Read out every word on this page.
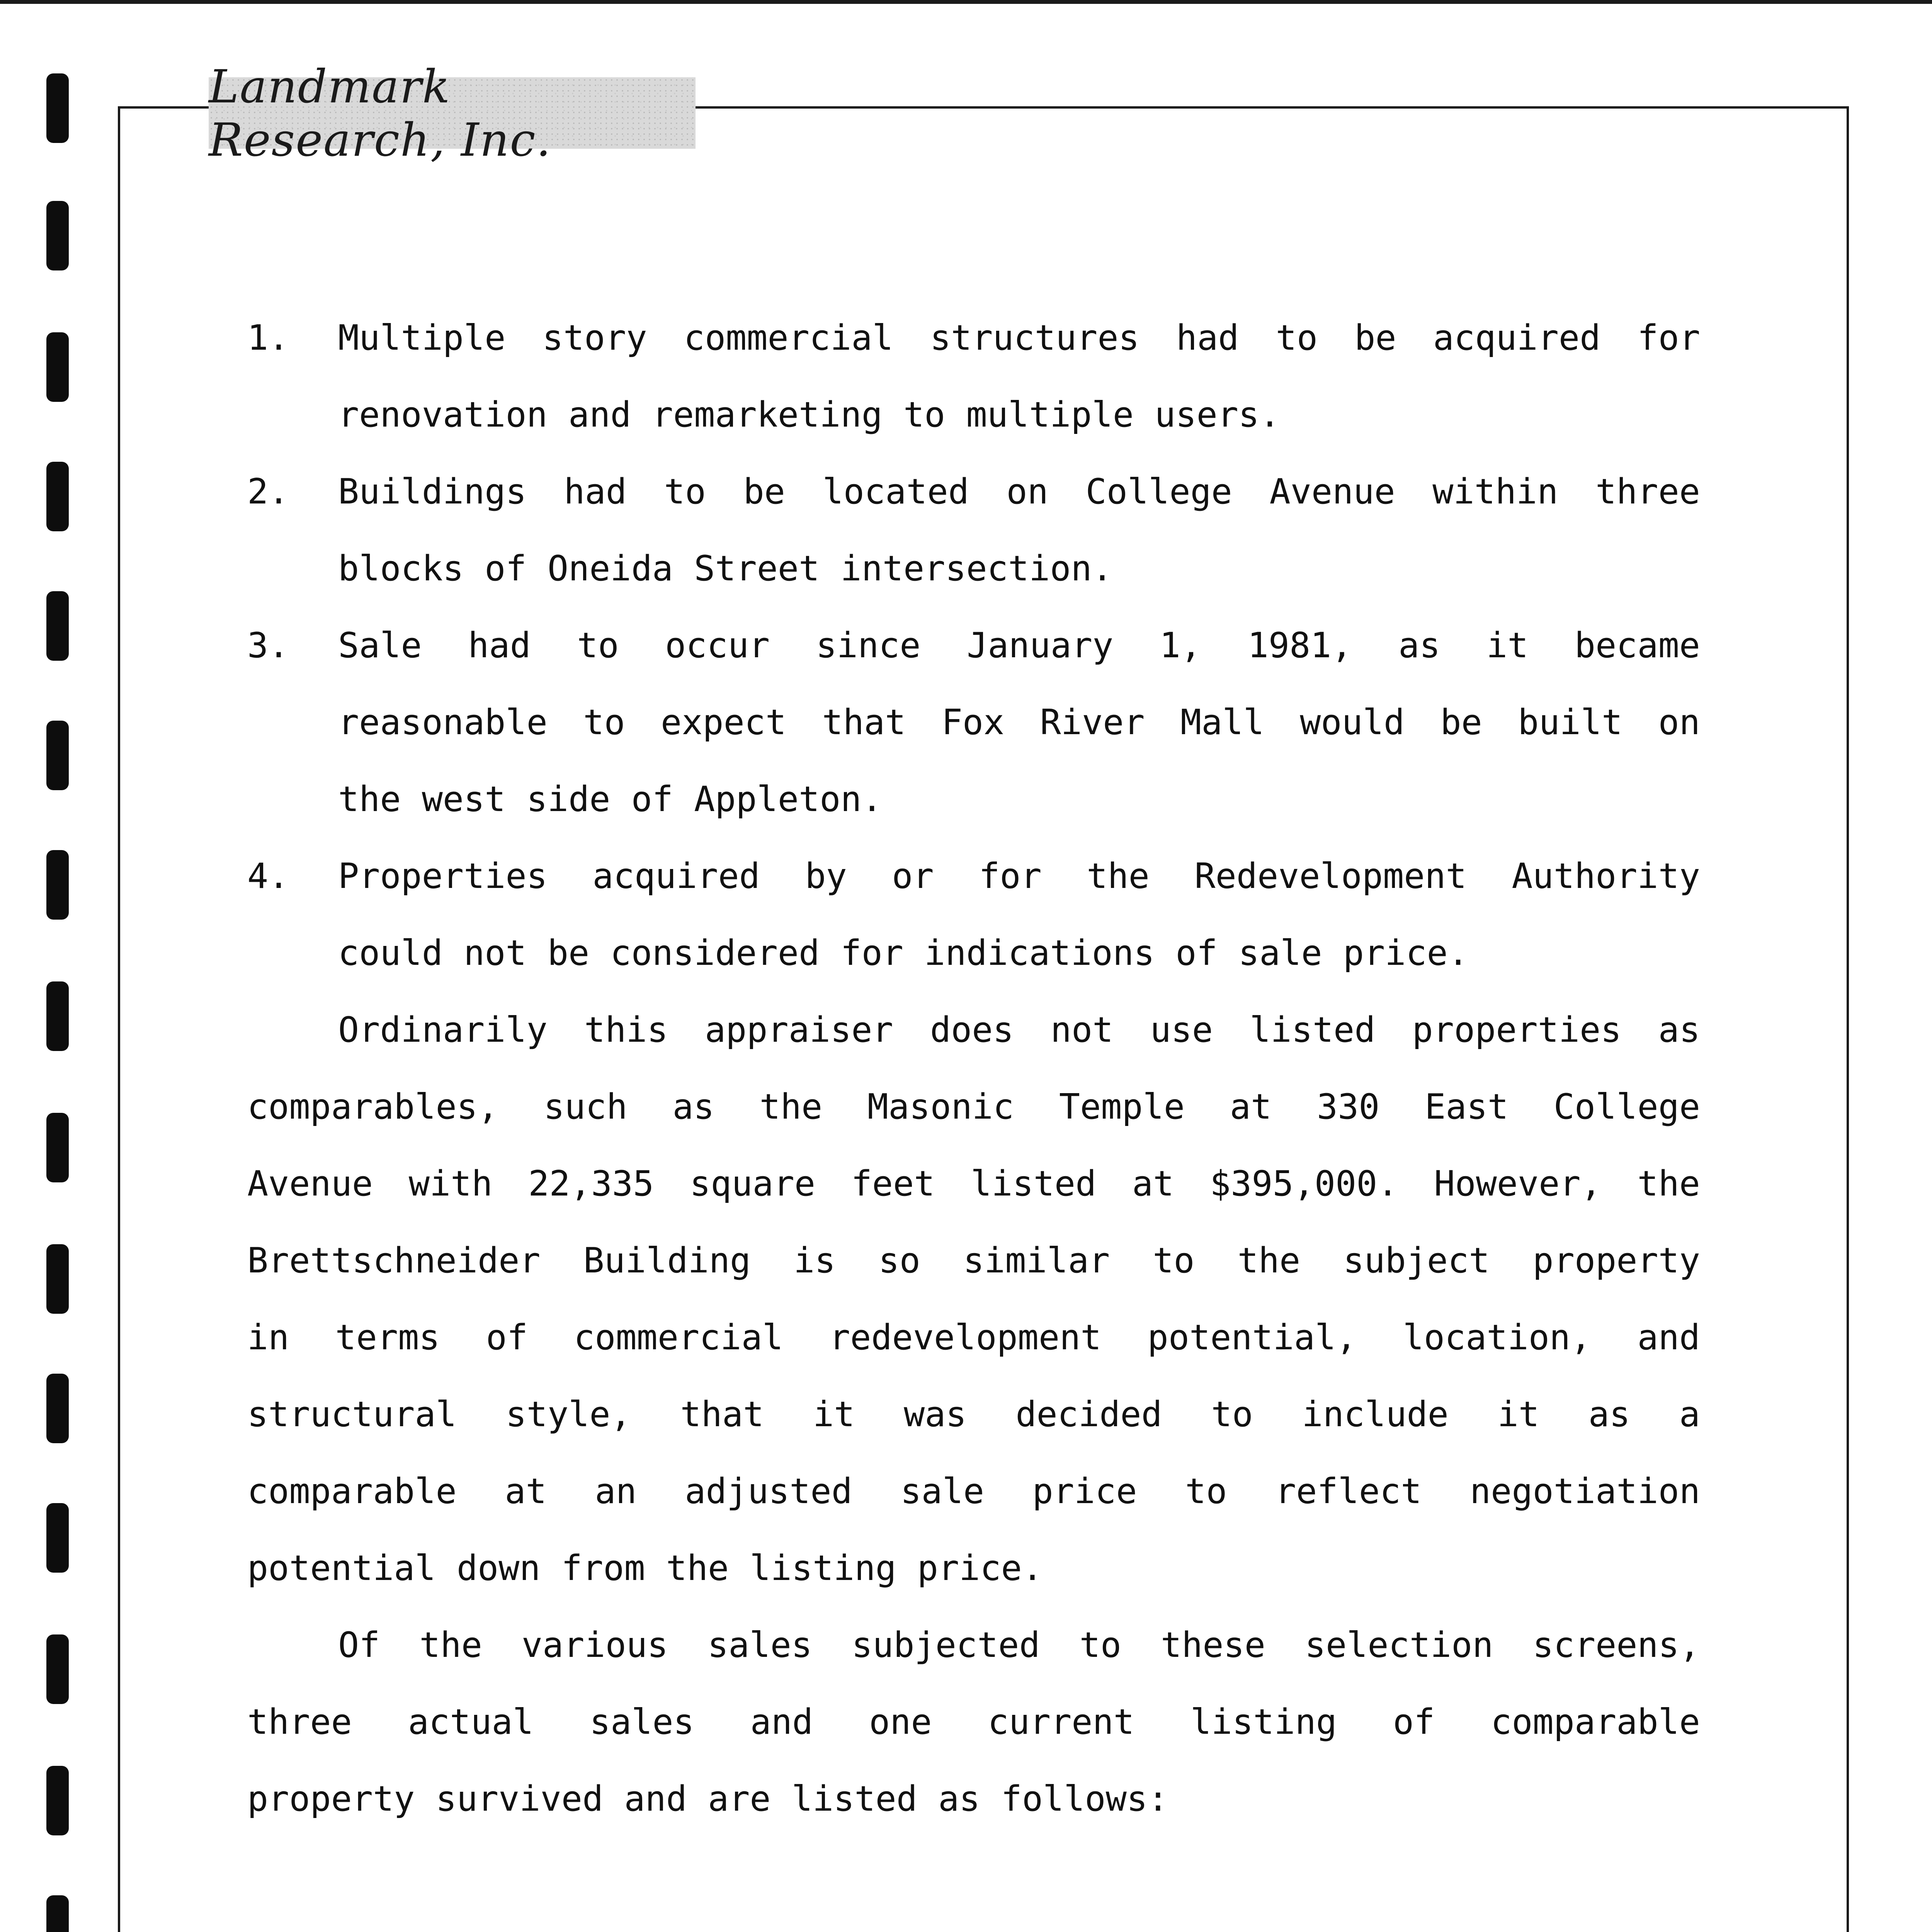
Landmark Research, Inc.
1.	Multiple story commercial structures had to be acquired for
renovation and remarketing to multiple users.
2.	Buildings had to be located on College Avenue within three
blocks of Oneida Street intersection.
3.	Sale had to occur since January 1, 1981, as it became
reasonable to expect that Fox River Mall would be built on
the west side of Appleton.
4.	Properties acquired by or for the Redevelopment Authority
could not be considered for indications of sale price.
Ordinarily this appraiser does not use listed properties as
comparables, such as the Masonic Temple at 330 East College
Avenue with 22,335 square feet listed at $395,000. However, the
Brettschneider Building is so similar to the subject property
in terms of commercial redevelopment potential, location, and
structural style, that it was decided to include it as a
comparable at an adjusted sale price to reflect negotiation
potential down from the listing price.
Of the various sales subjected to these selection screens,
three actual sales and one current listing of comparable
property survived and are listed as follows:
